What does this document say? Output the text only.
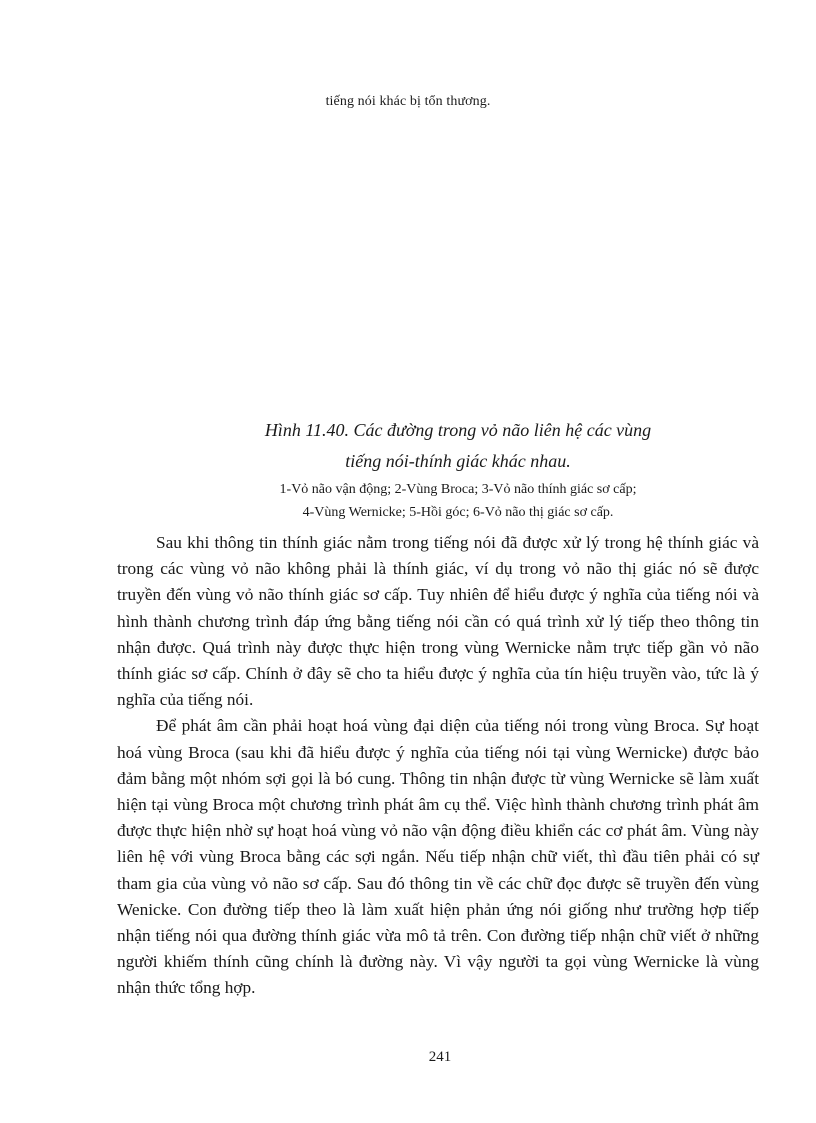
tiếng nói khác bị tổn thương.
Hình 11.40. Các đường trong vỏ não liên hệ các vùng
tiếng nói-thính giác khác nhau.
1-Vỏ não vận động; 2-Vùng Broca; 3-Vỏ não thính giác sơ cấp;
4-Vùng Wernicke; 5-Hồi góc; 6-Vỏ não thị giác sơ cấp.

Sau khi thông tin thính giác nằm trong tiếng nói đã được xử lý trong hệ thính giác và trong các vùng vỏ não không phải là thính giác, ví dụ trong vỏ não thị giác nó sẽ được truyền đến vùng vỏ não thính giác sơ cấp. Tuy nhiên để hiểu được ý nghĩa của tiếng nói và hình thành chương trình đáp ứng bằng tiếng nói cần có quá trình xử lý tiếp theo thông tin nhận được. Quá trình này được thực hiện trong vùng Wernicke nằm trực tiếp gần vỏ não thính giác sơ cấp. Chính ở đây sẽ cho ta hiểu được ý nghĩa của tín hiệu truyền vào, tức là ý nghĩa của tiếng nói.

Để phát âm cần phải hoạt hoá vùng đại diện của tiếng nói trong vùng Broca. Sự hoạt hoá vùng Broca (sau khi đã hiểu được ý nghĩa của tiếng nói tại vùng Wernicke) được bảo đảm bằng một nhóm sợi gọi là bó cung. Thông tin nhận được từ vùng Wernicke sẽ làm xuất hiện tại vùng Broca một chương trình phát âm cụ thể. Việc hình thành chương trình phát âm được thực hiện nhờ sự hoạt hoá vùng vỏ não vận động điều khiển các cơ phát âm. Vùng này liên hệ với vùng Broca bằng các sợi ngắn. Nếu tiếp nhận chữ viết, thì đầu tiên phải có sự tham gia của vùng vỏ não sơ cấp. Sau đó thông tin về các chữ đọc được sẽ truyền đến vùng Wenicke. Con đường tiếp theo là làm xuất hiện phản ứng nói giống như trường hợp tiếp nhận tiếng nói qua đường thính giác vừa mô tả trên. Con đường tiếp nhận chữ viết ở những người khiếm thính cũng chính là đường này. Vì vậy người ta gọi vùng Wernicke là vùng nhận thức tổng hợp.

241
